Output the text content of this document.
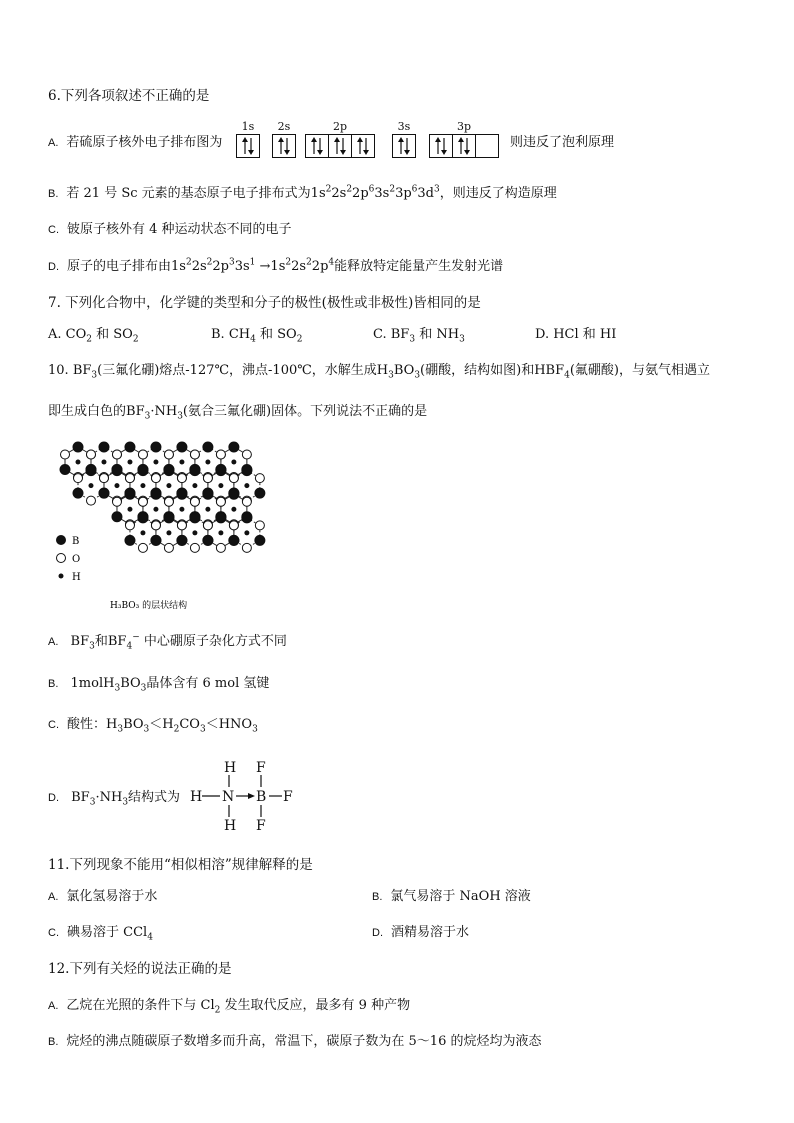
6.下列各项叙述不正确的是
A. 若硫原子核外电子排布图为
1s	2s	2p	3s	3p
则违反了泡利原理
B. 若 21 号 Sc 元素的基态原子电子排布式为$1s^22s^22p^63s^23p^63d^3$，则违反了构造原理
C. 铍原子核外有 4 种运动状态不同的电子
D. 原子的电子排布由$1s^22s^22p^33s^1 \to 1s^22s^22p^4$能释放特定能量产生发射光谱
7. 下列化合物中，化学键的类型和分子的极性(极性或非极性)皆相同的是
A. $CO_2$ 和 $SO_2$	B. $CH_4$ 和 $SO_2$	C. $BF_3$ 和 $NH_3$	D. HCl 和 HI
10. $BF_3$(三氟化硼)熔点-127℃，沸点-100℃，水解生成$H_3BO_3$(硼酸，结构如图)和$HBF_4$(氟硼酸)，与氨气相遇立
即生成白色的$BF_3\cdot NH_3$(氨合三氟化硼)固体。下列说法不正确的是
B
O
H
H₃BO₃ 的层状结构
A. $BF_3$和$BF_4^-$ 中心硼原子杂化方式不同
B. $1molH_3BO_3$晶体含有 6 mol 氢键
C. 酸性：$H_3BO_3<H_2CO_3<HNO_3$
D. $BF_3\cdot NH_3$结构式为
H
H N
H
F
B F
F
11.下列现象不能用“相似相溶”规律解释的是
A. 氯化氢易溶于水	B. 氯气易溶于 NaOH 溶液
C. 碘易溶于 CCl$_4$	D. 酒精易溶于水
12.下列有关烃的说法正确的是
A. 乙烷在光照的条件下与 $Cl_2$ 发生取代反应，最多有 9 种产物
B. 烷烃的沸点随碳原子数增多而升高，常温下，碳原子数为在 5～16 的烷烃均为液态
